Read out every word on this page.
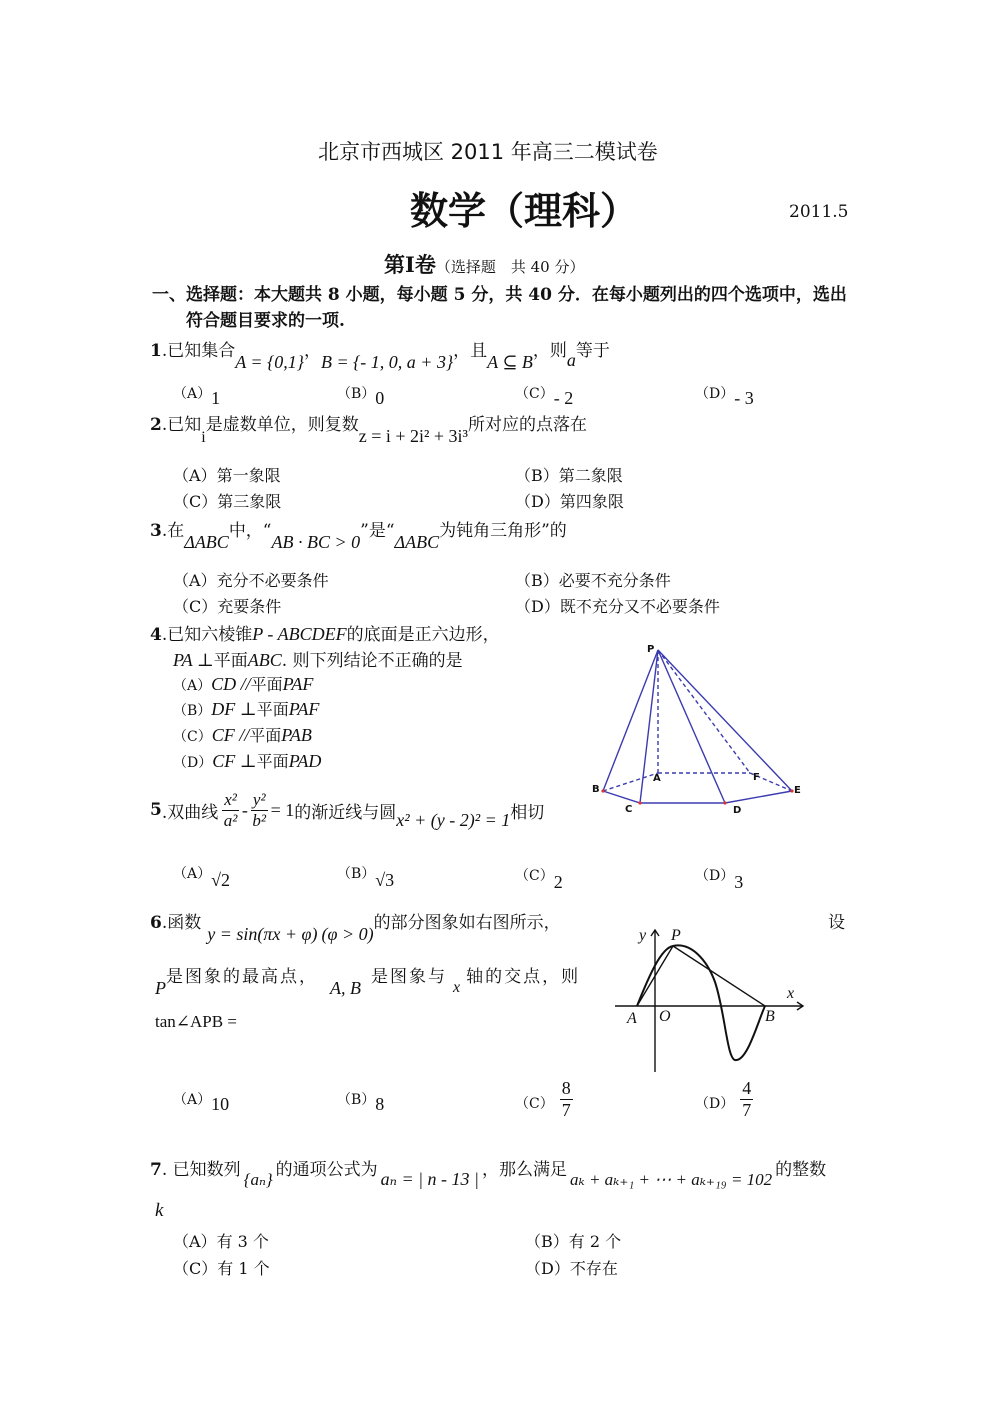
北京市西城区 2011 年高三二模试卷
数学（理科）	2011.5
第Ⅰ卷（选择题　共 40 分）
一、选择题：本大题共 8 小题，每小题 5 分，共 40 分．在每小题列出的四个选项中，选出
符合题目要求的一项.
1.已知集合A = {0,1}，B = {- 1, 0, a + 3}，且A ⊆ B，则a等于
（A）1	（B）0	（C）- 2	（D）- 3
2.已知i是虚数单位，则复数z = i + 2i² + 3i³所对应的点落在
（A）第一象限	（B）第二象限
（C）第三象限	（D）第四象限
3.在ΔABC中，“AB · BC > 0”是“ΔABC为钝角三角形”的
（A）充分不必要条件	（B）必要不充分条件
（C）充要条件	（D）既不充分又不必要条件
4.已知六棱锥P - ABCDEF的底面是正六边形，
PA ⊥平面ABC. 则下列结论不正确的是
（A）CD //平面PAF
（B）DF ⊥平面PAF
（C）CF //平面PAB
（D）CF ⊥平面PAD
P
A	F
B	E
C	D
5 .双曲线 $\frac{\text{x²}}{\text{a²}} - \frac{\text{y²}}{\text{b²}} = 1$ 的渐近线与圆 x² + (y - 2)² = 1 相切
（A）√2	（B）√3	（C）2	（D）3
6.函数y = sin(πx + φ) (φ > 0)的部分图象如右图所示，	设
P是图象的最高点，A, B是图象与x轴的交点，则
tan∠APB =
y P
x
A O	B
（A）10	（B）8	$(C) \frac{8}{7}$	$(D) \frac{4}{7}$
7. 已知数列 {aₙ} 的通项公式为 aₙ = | n - 13 | ，那么满足 aₖ + aₖ₊₁ + ⋯ + aₖ₊₁₉ = 102 的整数
k
（A）有 3 个	（B）有 2 个
（C）有 1 个	（D）不存在
